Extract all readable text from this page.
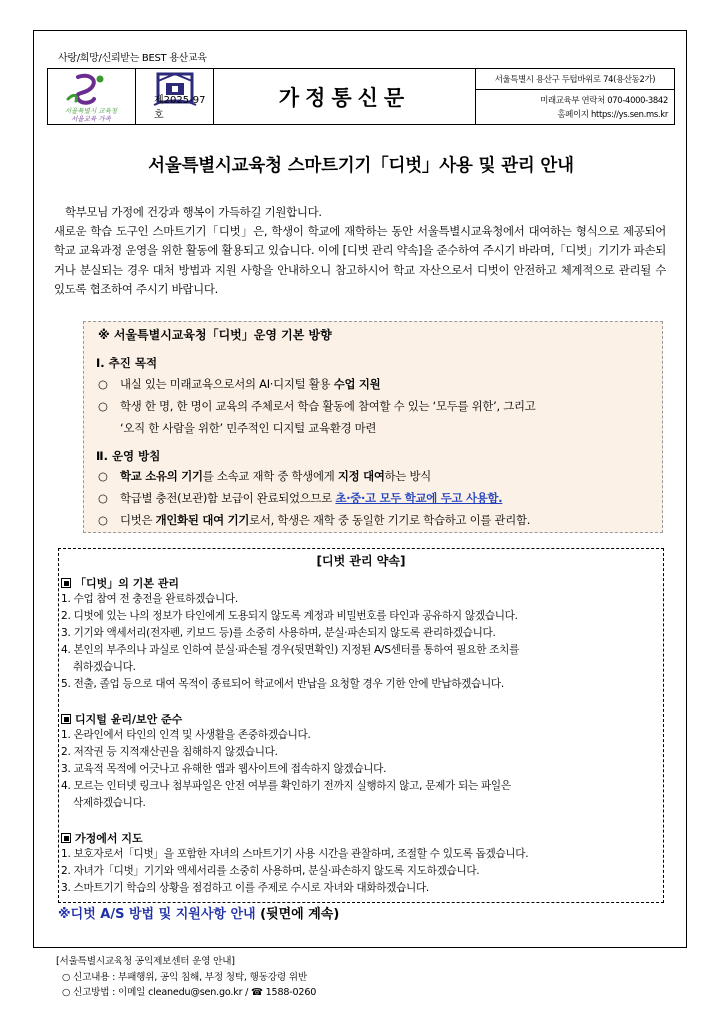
사랑/희망/신뢰받는 BEST 용산교육
서울특별시 교육청
서울교육 가족
제2025-97호
가정통신문
서울특별시 용산구 두텁바위로 74(용산동2가)
미래교육부 연락처 070-4000-3842
홈페이지 https://ys.sen.ms.kr
서울특별시교육청 스마트기기「디벗」사용 및 관리 안내

학부모님 가정에 건강과 행복이 가득하길 기원합니다.

새로운 학습 도구인 스마트기기「디벗」은, 학생이 학교에 재학하는 동안 서울특별시교육청에서 대여하는 형식으로 제공되어 학교 교육과정 운영을 위한 활동에 활용되고 있습니다. 이에 [디벗 관리 약속]을 준수하여 주시기 바라며,「디벗」기기가 파손되거나 분실되는 경우 대처 방법과 지원 사항을 안내하오니 참고하시어 학교 자산으로서 디벗이 안전하고 체계적으로 관리될 수 있도록 협조하여 주시기 바랍니다.

※ 서울특별시교육청「디벗」운영 기본 방향
Ⅰ. 추진 목적
○ 내실 있는 미래교육으로서의 AI·디지털 활용 수업 지원
○ 학생 한 명, 한 명이 교육의 주체로서 학습 활동에 참여할 수 있는 ‘모두를 위한’, 그리고
‘오직 한 사람을 위한’ 민주적인 디지털 교육환경 마련
Ⅱ. 운영 방침
○ 학교 소유의 기기를 소속교 재학 중 학생에게 지정 대여하는 방식
○ 학급별 충전(보관)함 보급이 완료되었으므로 초·중·고 모두 학교에 두고 사용함.
○ 디벗은 개인화된 대여 기기로서, 학생은 재학 중 동일한 기기로 학습하고 이를 관리함.
[디벗 관리 약속]
「디벗」의 기본 관리
1. 수업 참여 전 충전을 완료하겠습니다.
2. 디벗에 있는 나의 정보가 타인에게 도용되지 않도록 계정과 비밀번호를 타인과 공유하지 않겠습니다.
3. 기기와 액세서리(전자펜, 키보드 등)를 소중히 사용하며, 분실·파손되지 않도록 관리하겠습니다.
4. 본인의 부주의나 과실로 인하여 분실·파손될 경우(뒷면확인) 지정된 A/S센터를 통하여 필요한 조치를
취하겠습니다.
5. 전출, 졸업 등으로 대여 목적이 종료되어 학교에서 반납을 요청할 경우 기한 안에 반납하겠습니다.
디지털 윤리/보안 준수
1. 온라인에서 타인의 인격 및 사생활을 존중하겠습니다.
2. 저작권 등 지적재산권을 침해하지 않겠습니다.
3. 교육적 목적에 어긋나고 유해한 앱과 웹사이트에 접속하지 않겠습니다.
4. 모르는 인터넷 링크나 첨부파일은 안전 여부를 확인하기 전까지 실행하지 않고, 문제가 되는 파일은
삭제하겠습니다.
가정에서 지도
1. 보호자로서「디벗」을 포함한 자녀의 스마트기기 사용 시간을 관찰하며, 조절할 수 있도록 돕겠습니다.
2. 자녀가「디벗」기기와 액세서리를 소중히 사용하며, 분실·파손하지 않도록 지도하겠습니다.
3. 스마트기기 학습의 상황을 점검하고 이를 주제로 수시로 자녀와 대화하겠습니다.
※디벗 A/S 방법 및 지원사항 안내 (뒷면에 계속)
[서울특별시교육청 공익제보센터 운영 안내]
○ 신고내용 : 부패행위, 공익 침해, 부정 청탁, 행동강령 위반
○ 신고방법 : 이메일 cleanedu@sen.go.kr / ☎ 1588-0260
